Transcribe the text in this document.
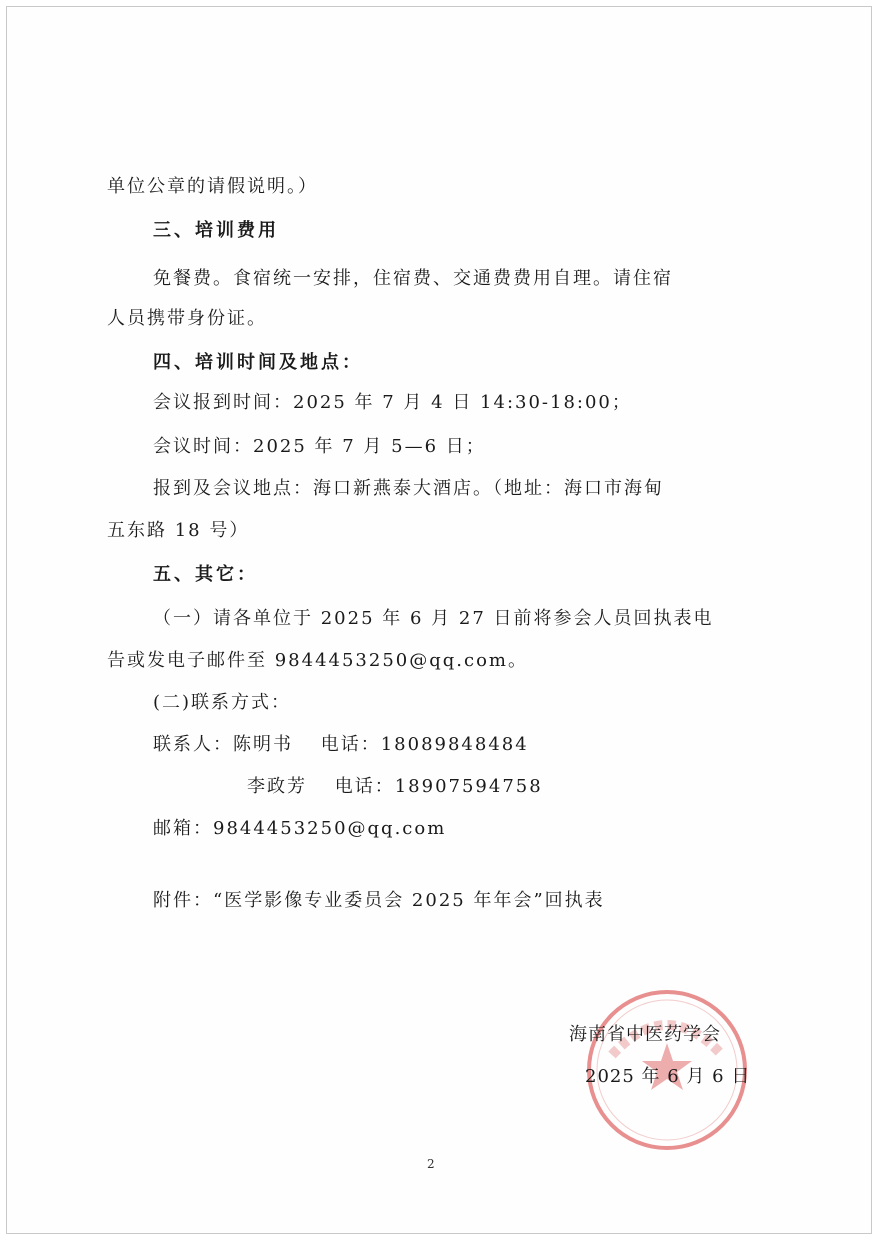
单位公章的请假说明。）
三、培训费用
免餐费。食宿统一安排，住宿费、交通费费用自理。请住宿
人员携带身份证。
四、培训时间及地点：
会议报到时间：2025 年 7 月 4 日 14:30-18:00；
会议时间：2025 年 7 月 5—6 日；
报到及会议地点：海口新燕泰大酒店。（地址：海口市海甸
五东路 18 号）
五、其它：
（一）请各单位于 2025 年 6 月 27 日前将参会人员回执表电
告或发电子邮件至 9844453250@qq.com。
(二)联系方式：
联系人：陈明书　 电话：18089848484
李政芳　 电话：18907594758
邮箱：9844453250@qq.com
附件：“医学影像专业委员会 2025 年年会”回执表
海南省中医药学会
2025 年 6 月 6 日
2
